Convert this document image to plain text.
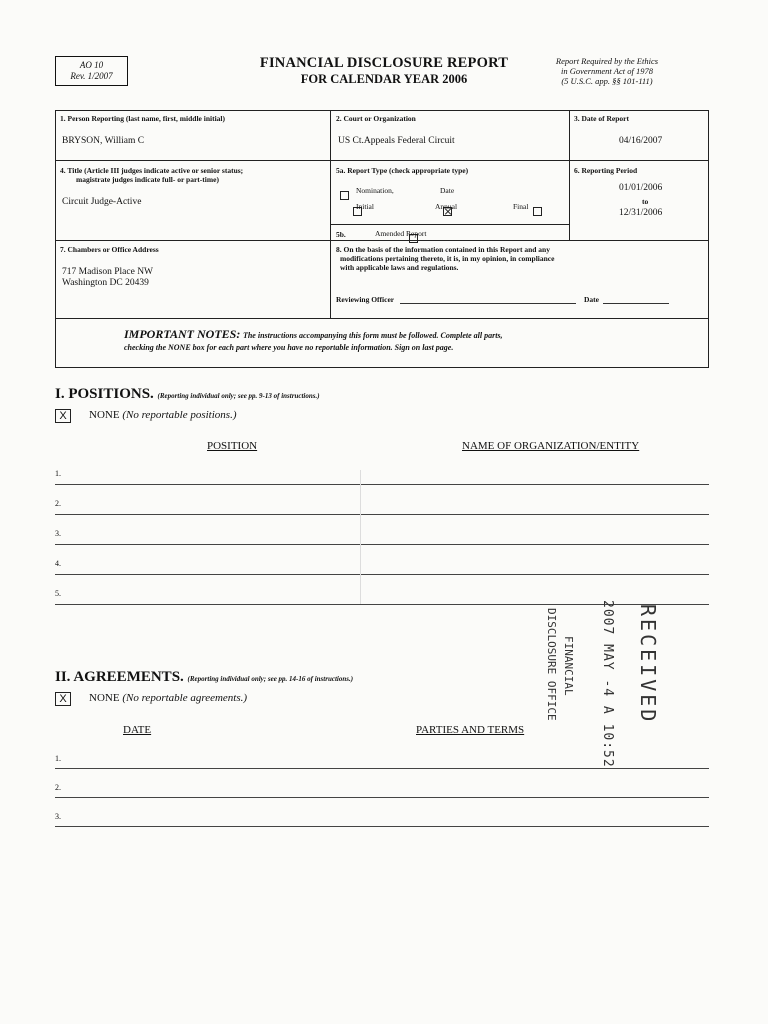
AO 10
Rev. 1/2007
FINANCIAL DISCLOSURE REPORT
FOR CALENDAR YEAR 2006
Report Required by the Ethics
in Government Act of 1978
(5 U.S.C. app. §§ 101-111)
1. Person Reporting (last name, first, middle initial)
BRYSON, William C
2. Court or Organization
US Ct.Appeals Federal Circuit
3. Date of Report
04/16/2007
4. Title (Article III judges indicate active or senior status;
magistrate judges indicate full- or part-time)
Circuit Judge-Active
5a. Report Type (check appropriate type)

Nomination,	Date

Initial
	Annual
	Final
6. Reporting Period
01/01/2006
to
12/31/2006
5b.	Amended Report
7. Chambers or Office Address
717 Madison Place NW
Washington DC 20439
8. On the basis of the information contained in this Report and any
modifications pertaining thereto, it is, in my opinion, in compliance
with applicable laws and regulations.
Reviewing Officer	Date
IMPORTANT NOTES: The instructions accompanying this form must be followed. Complete all parts,
checking the NONE box for each part where you have no reportable information. Sign on last page.
I. POSITIONS. (Reporting individual only; see pp. 9-13 of instructions.)
X	NONE (No reportable positions.)
POSITION	NAME OF ORGANIZATION/ENTITY
1.
2.
3.
4.
5.
II. AGREEMENTS. (Reporting individual only; see pp. 14-16 of instructions.)
X	NONE (No reportable agreements.)
DATE	PARTIES AND TERMS
1.
2.
3.
RECEIVED
2007 MAY -4 A 10:52
FINANCIAL
DISCLOSURE OFFICE
